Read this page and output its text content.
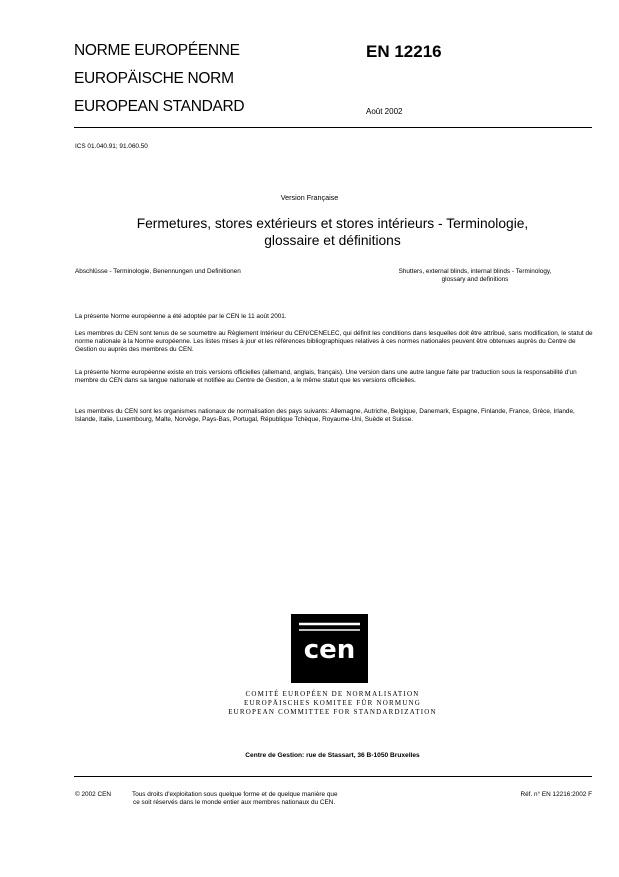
NORME EUROPÉENNE
EUROPÄISCHE NORM
EUROPEAN STANDARD
EN 12216
Août 2002
ICS 01.040.91; 91.060.50
Version Française
Fermetures, stores extérieurs et stores intérieurs - Terminologie,
glossaire et définitions
Abschlüsse - Terminologie, Benennungen und Definitionen	Shutters, external blinds, internal blinds - Terminology,
glossary and definitions

La présente Norme européenne a été adoptée par le CEN le 11 août 2001.

Les membres du CEN sont tenus de se soumettre au Règlement Intérieur du CEN/CENELEC, qui définit les conditions dans lesquelles doit être attribué, sans modification, le statut de norme nationale à la Norme européenne. Les listes mises à jour et les références bibliographiques relatives à ces normes nationales peuvent être obtenues auprès du Centre de Gestion ou auprès des membres du CEN.

La présente Norme européenne existe en trois versions officielles (allemand, anglais, français). Une version dans une autre langue faite par traduction sous la responsabilité d'un membre du CEN dans sa langue nationale et notifiée au Centre de Gestion, a le même statut que les versions officielles.

Les membres du CEN sont les organismes nationaux de normalisation des pays suivants: Allemagne, Autriche, Belgique, Danemark, Espagne, Finlande, France, Grèce, Irlande, Islande, Italie, Luxembourg, Malte, Norvège, Pays-Bas, Portugal, République Tchèque, Royaume-Uni, Suède et Suisse.

cen
COMITÉ EUROPÉEN DE NORMALISATION
EUROPÄISCHES KOMITEE FÜR NORMUNG
EUROPEAN COMMITTEE FOR STANDARDIZATION
Centre de Gestion: rue de Stassart, 36 B-1050 Bruxelles
© 2002 CEN	Tous droits d'exploitation sous quelque forme et de quelque manière que
ce soit réservés dans le monde entier aux membres nationaux du CEN.
Réf. n° EN 12216:2002 F
